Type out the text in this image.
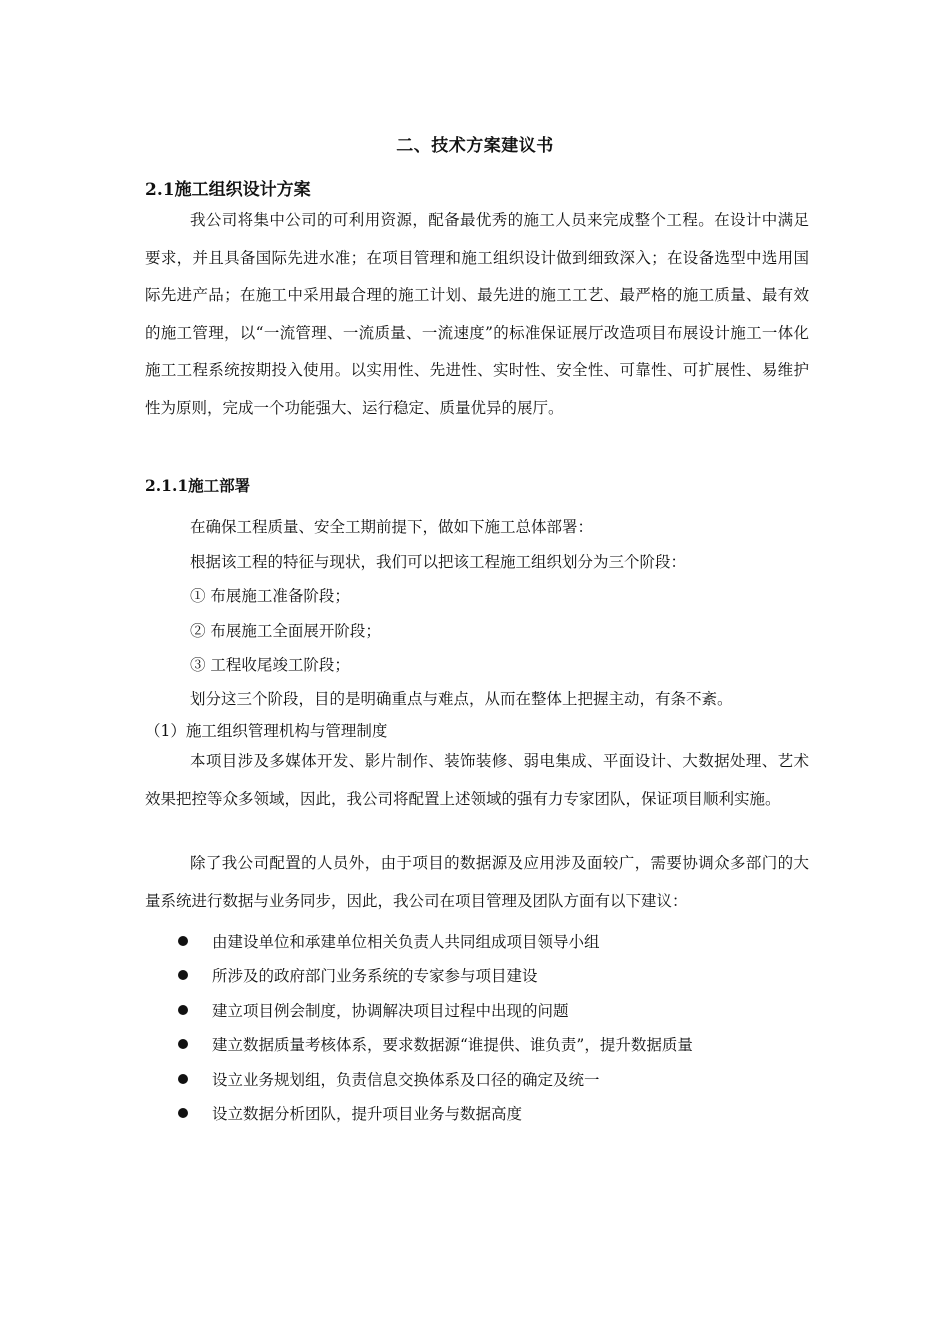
二、技术方案建议书
2.1施工组织设计方案
我公司将集中公司的可利用资源，配备最优秀的施工人员来完成整个工程。在设计中满足要求，并且具备国际先进水准；在项目管理和施工组织设计做到细致深入；在设备选型中选用国际先进产品；在施工中采用最合理的施工计划、最先进的施工工艺、最严格的施工质量、最有效的施工管理，以“一流管理、一流质量、一流速度”的标准保证展厅改造项目布展设计施工一体化施工工程系统按期投入使用。以实用性、先进性、实时性、安全性、可靠性、可扩展性、易维护性为原则，完成一个功能强大、运行稳定、质量优异的展厅。
2.1.1施工部署
在确保工程质量、安全工期前提下，做如下施工总体部署：
根据该工程的特征与现状，我们可以把该工程施工组织划分为三个阶段：
① 布展施工准备阶段；
② 布展施工全面展开阶段；
③ 工程收尾竣工阶段；
划分这三个阶段，目的是明确重点与难点，从而在整体上把握主动，有条不紊。
（1）施工组织管理机构与管理制度
本项目涉及多媒体开发、影片制作、装饰装修、弱电集成、平面设计、大数据处理、艺术效果把控等众多领域，因此，我公司将配置上述领域的强有力专家团队，保证项目顺利实施。
除了我公司配置的人员外，由于项目的数据源及应用涉及面较广，需要协调众多部门的大量系统进行数据与业务同步，因此，我公司在项目管理及团队方面有以下建议：
由建设单位和承建单位相关负责人共同组成项目领导小组
所涉及的政府部门业务系统的专家参与项目建设
建立项目例会制度，协调解决项目过程中出现的问题
建立数据质量考核体系，要求数据源“谁提供、谁负责”，提升数据质量
设立业务规划组，负责信息交换体系及口径的确定及统一
设立数据分析团队，提升项目业务与数据高度
